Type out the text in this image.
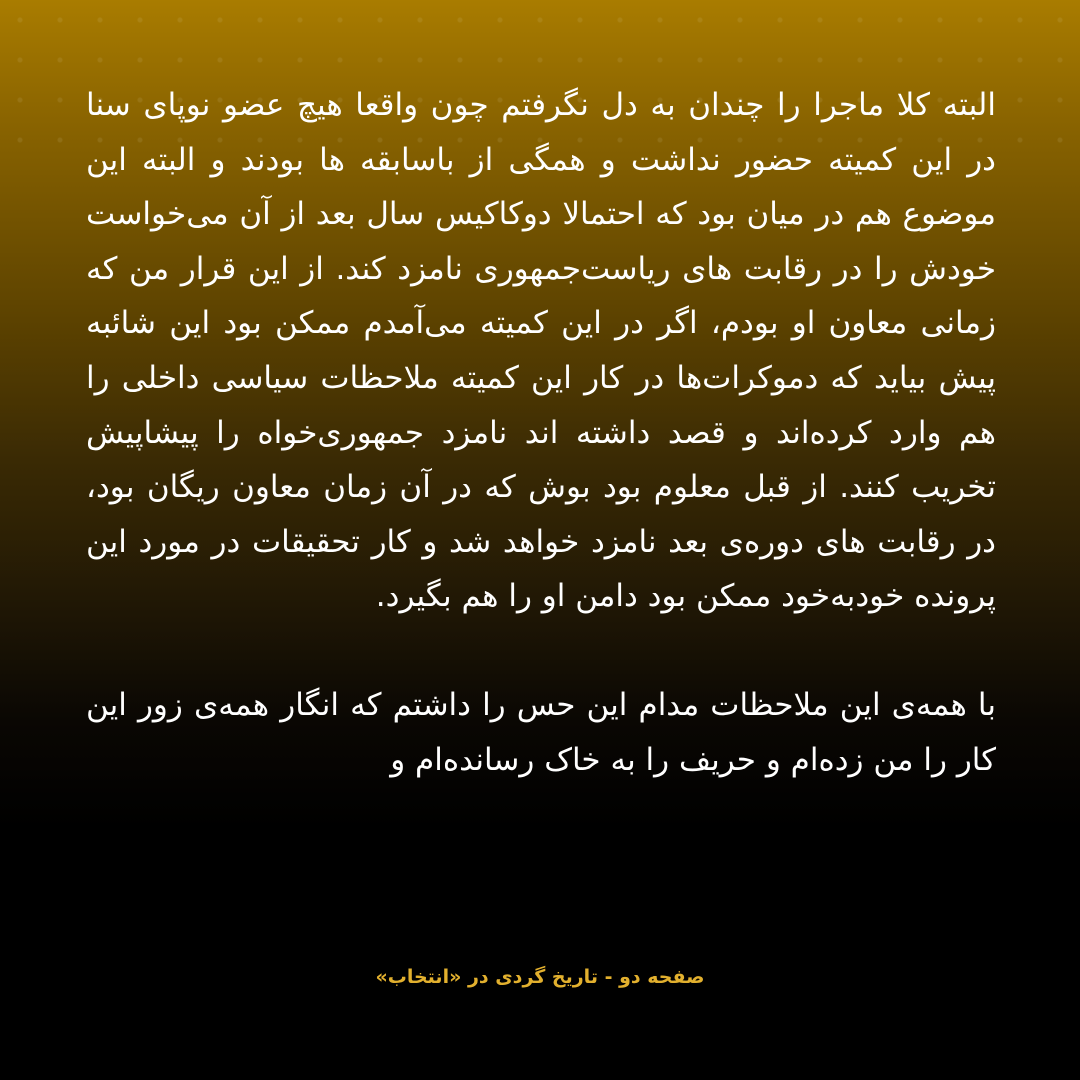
البته کلا ماجرا را چندان به دل نگرفتم چون واقعا هیچ عضو نوپای سنا در این کمیته حضور نداشت و همگی از باسابقه ها بودند و البته این موضوع هم در میان بود که احتمالا دوکاکیس سال بعد از آن می‌خواست خودش را در رقابت های ریاست‌جمهوری نامزد کند. از این قرار من که زمانی معاون او بودم، اگر در این کمیته می‌آمدم ممکن بود این شائبه پیش بیاید که دموکرات‌ها در کار این کمیته ملاحظات سیاسی داخلی را هم وارد کرده‌اند و قصد داشته اند نامزد جمهوری‌خواه را پیشاپیش تخریب کنند. از قبل معلوم بود بوش که در آن زمان معاون ریگان بود، در رقابت های دوره‌ی بعد نامزد خواهد شد و کار تحقیقات در مورد این پرونده خودبه‌خود ممکن بود دامن او را هم بگیرد.

با همه‌ی این ملاحظات مدام این حس را داشتم که انگار همه‌ی زور این کار را من زده‌ام و حریف را به خاک رسانده‌ام و

صفحه دو - تاریخ گردی در «انتخاب»
